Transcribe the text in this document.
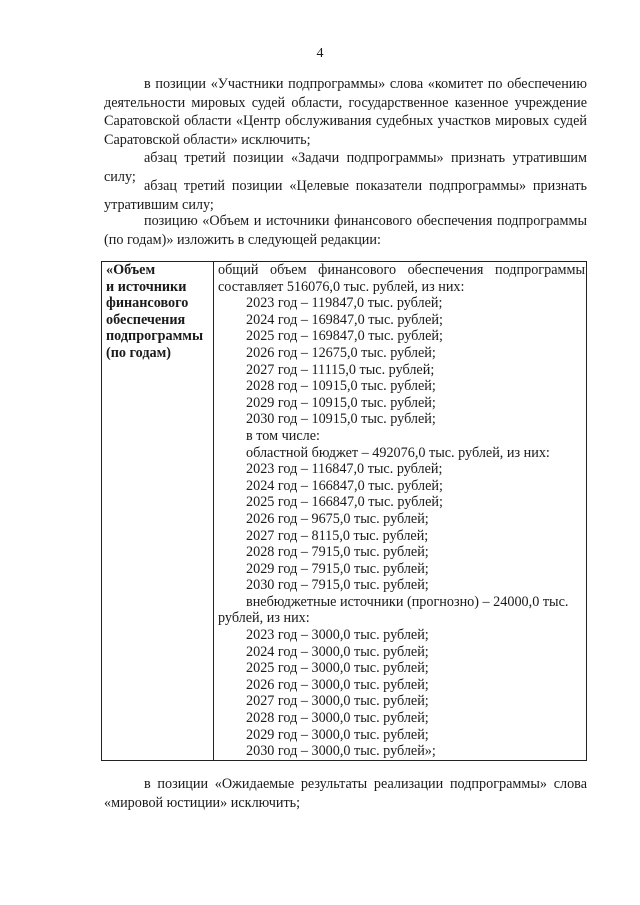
4

в позиции «Участники подпрограммы» слова «комитет по обеспечению деятельности мировых судей области, государственное казенное учреждение Саратовской области «Центр обслуживания судебных участков мировых судей Саратовской области» исключить;

абзац третий позиции «Задачи подпрограммы» признать утратившим силу;

абзац третий позиции «Целевые показатели подпрограммы» признать утратившим силу;

позицию «Объем и источники финансового обеспечения подпрограммы (по годам)» изложить в следующей редакции:

«Объем
и источники
финансового
обеспечения
подпрограммы
(по годам)
общий объем финансового обеспечения подпрограммы
составляет 516076,0 тыс. рублей, из них:
2023 год – 119847,0 тыс. рублей;
2024 год – 169847,0 тыс. рублей;
2025 год – 169847,0 тыс. рублей;
2026 год – 12675,0 тыс. рублей;
2027 год – 11115,0 тыс. рублей;
2028 год – 10915,0 тыс. рублей;
2029 год – 10915,0 тыс. рублей;
2030 год – 10915,0 тыс. рублей;
в том числе:
областной бюджет – 492076,0 тыс. рублей, из них:
2023 год – 116847,0 тыс. рублей;
2024 год – 166847,0 тыс. рублей;
2025 год – 166847,0 тыс. рублей;
2026 год – 9675,0 тыс. рублей;
2027 год – 8115,0 тыс. рублей;
2028 год – 7915,0 тыс. рублей;
2029 год – 7915,0 тыс. рублей;
2030 год – 7915,0 тыс. рублей;
внебюджетные источники (прогнозно) – 24000,0 тыс.
рублей, из них:
2023 год – 3000,0 тыс. рублей;
2024 год – 3000,0 тыс. рублей;
2025 год – 3000,0 тыс. рублей;
2026 год – 3000,0 тыс. рублей;
2027 год – 3000,0 тыс. рублей;
2028 год – 3000,0 тыс. рублей;
2029 год – 3000,0 тыс. рублей;
2030 год – 3000,0 тыс. рублей»;

в позиции «Ожидаемые результаты реализации подпрограммы» слова «мировой юстиции» исключить;
